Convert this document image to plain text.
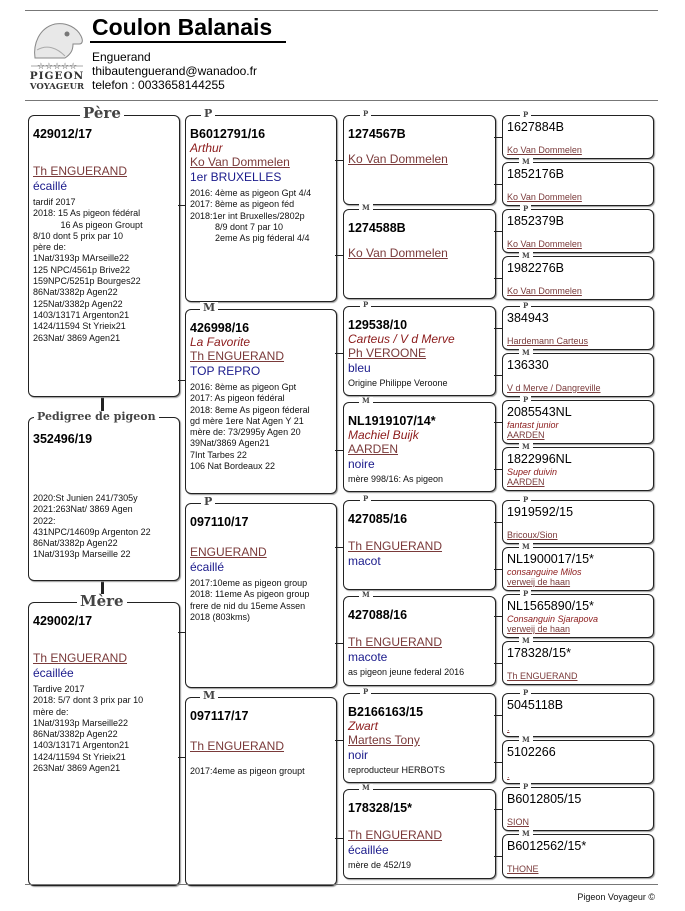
☆☆☆☆☆
PIGEON
VOYAGEUR
Coulon Balanais
Enguerand
thibautenguerand@wanadoo.fr
telefon : 0033658144255
429012/17
Th ENGUERAND
écaillé
tardif 2017
2018: 15 As pigeon fédéral
16 As pigeon Groupt
8/10 dont 5 prix par 10
père de:
1Nat/3193p MArseille22
125 NPC/4561p Brive22
159NPC/5251p Bourges22
86Nat/3382p Agen22
125Nat/3382p Agen22
1403/13171 Argenton21
1424/11594 St Yrieix21
263Nat/ 3869 Agen21
Père
352496/19
2020:St Junien 241/7305y
2021:263Nat/ 3869 Agen
2022:
431NPC/14609p Argenton 22
86Nat/3382p Agen22
1Nat/3193p Marseille 22
Pedigree de pigeon
429002/17
Th ENGUERAND
écaillée
Tardive 2017
2018: 5/7 dont 3 prix par 10
mère de:
1Nat/3193p Marseille22
86Nat/3382p Agen22
1403/13171 Argenton21
1424/11594 St Yrieix21
263Nat/ 3869 Agen21
Mère
B6012791/16
Arthur
Ko Van Dommelen
1er BRUXELLES
2016: 4ème as pigeon Gpt 4/4
2017: 8ème as pigeon féd
2018:1er int Bruxelles/2802p
8/9 dont 7 par 10
2eme As pig féderal 4/4
P
426998/16
La Favorite
Th ENGUERAND
TOP REPRO
2016: 8ème as pigeon Gpt
2017: As pigeon fédéral
2018: 8eme As pigeon féderal
gd mère 1ere Nat Agen Y 21
mère de: 73/2995y Agen 20
39Nat/3869 Agen21
7Int Tarbes 22
106 Nat Bordeaux 22
M
097110/17
ENGUERAND
écaillé
2017:10eme as pigeon group
2018: 11eme As pigeon group
frere de nid du 15eme Assen
2018 (803kms)
P
097117/17
Th ENGUERAND
2017:4eme as pigeon groupt
M
1274567B
Ko Van Dommelen
P
1274588B
Ko Van Dommelen
M
129538/10
Carteus / V d Merve
Ph VEROONE
bleu
Origine Philippe Veroone
P
NL1919107/14*
Machiel Buijk
AARDEN
noire
mère 998/16: As pigeon
M
427085/16
Th ENGUERAND
macot
P
427088/16
Th ENGUERAND
macote
as pigeon jeune federal 2016
M
B2166163/15
Zwart
Martens Tony
noir
reproducteur HERBOTS
P
178328/15*
Th ENGUERAND
écaillée
mère de 452/19
M
1627884B
Ko Van Dommelen
P
1852176B
Ko Van Dommelen
M
1852379B
Ko Van Dommelen
P
1982276B
Ko Van Dommelen
M
384943
Hardemann Carteus
P
136330
V d Merve / Dangreville
M
2085543NL
fantast junior
AARDEN
P
1822996NL
Super duivin
AARDEN
M
1919592/15
Bricoux/Sion
P
NL1900017/15*
consanguine Milos
verweij de haan
M
NL1565890/15*
Consanguin Sjarapova
verweij de haan
P
178328/15*
Th ENGUERAND
M
5045118B
.
P
5102266
.
M
B6012805/15
SION
P
B6012562/15*
THONE
M
Pigeon Voyageur ©
